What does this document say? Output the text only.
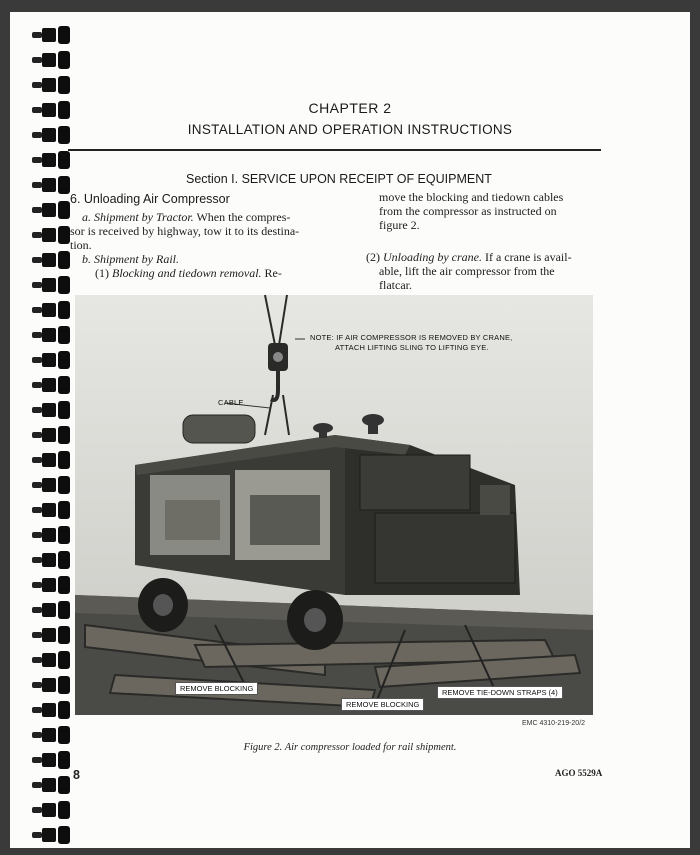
CHAPTER 2
INSTALLATION AND OPERATION INSTRUCTIONS
Section I. SERVICE UPON RECEIPT OF EQUIPMENT
6. Unloading Air Compressor
a. Shipment by Tractor. When the compres-
sor is received by highway, tow it to its destina-
tion.
b. Shipment by Rail.
(1) Blocking and tiedown removal. Re-
move the blocking and tiedown cables
from the compressor as instructed on
figure 2.
(2) Unloading by crane. If a crane is avail-
able, lift the air compressor from the
flatcar.
NOTE: IF AIR COMPRESSOR IS REMOVED BY CRANE,
ATTACH LIFTING SLING TO LIFTING EYE.
CABLE
REMOVE BLOCKING
REMOVE BLOCKING
REMOVE TIE-DOWN STRAPS (4)
EMC 4310-219-20/2
Figure 2. Air compressor loaded for rail shipment.
8	AGO 5529A
